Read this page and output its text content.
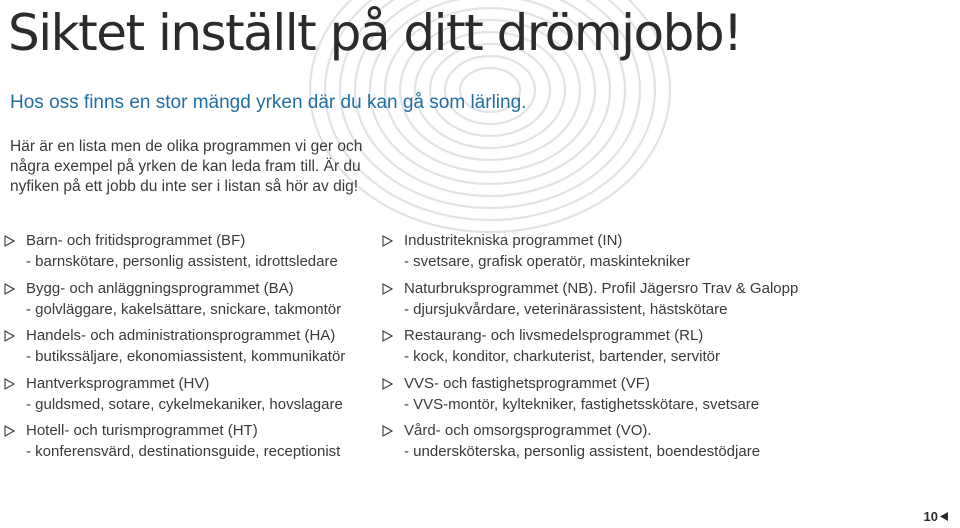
Siktet inställt på ditt drömjobb!

Hos oss finns en stor mängd yrken där du kan gå som lärling.

Här är en lista men de olika programmen vi ger och
några exempel på yrken de kan leda fram till. Är du
nyfiken på ett jobb du inte ser i listan så hör av dig!

Barn- och fritidsprogrammet (BF)
- barnskötare, personlig assistent, idrottsledare
Bygg- och anläggningsprogrammet (BA)
- golvläggare, kakelsättare, snickare, takmontör
Handels- och administrationsprogrammet (HA)
- butikssäljare, ekonomiassistent, kommunikatör
Hantverksprogrammet (HV)
- guldsmed, sotare, cykelmekaniker, hovslagare
Hotell- och turismprogrammet (HT)
- konferensvärd, destinationsguide, receptionist
Industritekniska programmet (IN)
- svetsare, grafisk operatör, maskintekniker
Naturbruksprogrammet (NB). Profil Jägersro Trav & Galopp
- djursjukvårdare, veterinärassistent, hästskötare
Restaurang- och livsmedelsprogrammet (RL)
- kock, konditor, charkuterist, bartender, servitör
VVS- och fastighetsprogrammet (VF)
- VVS-montör, kyltekniker, fastighetsskötare, svetsare
Vård- och omsorgsprogrammet (VO).
- undersköterska, personlig assistent, boendestödjare
10
